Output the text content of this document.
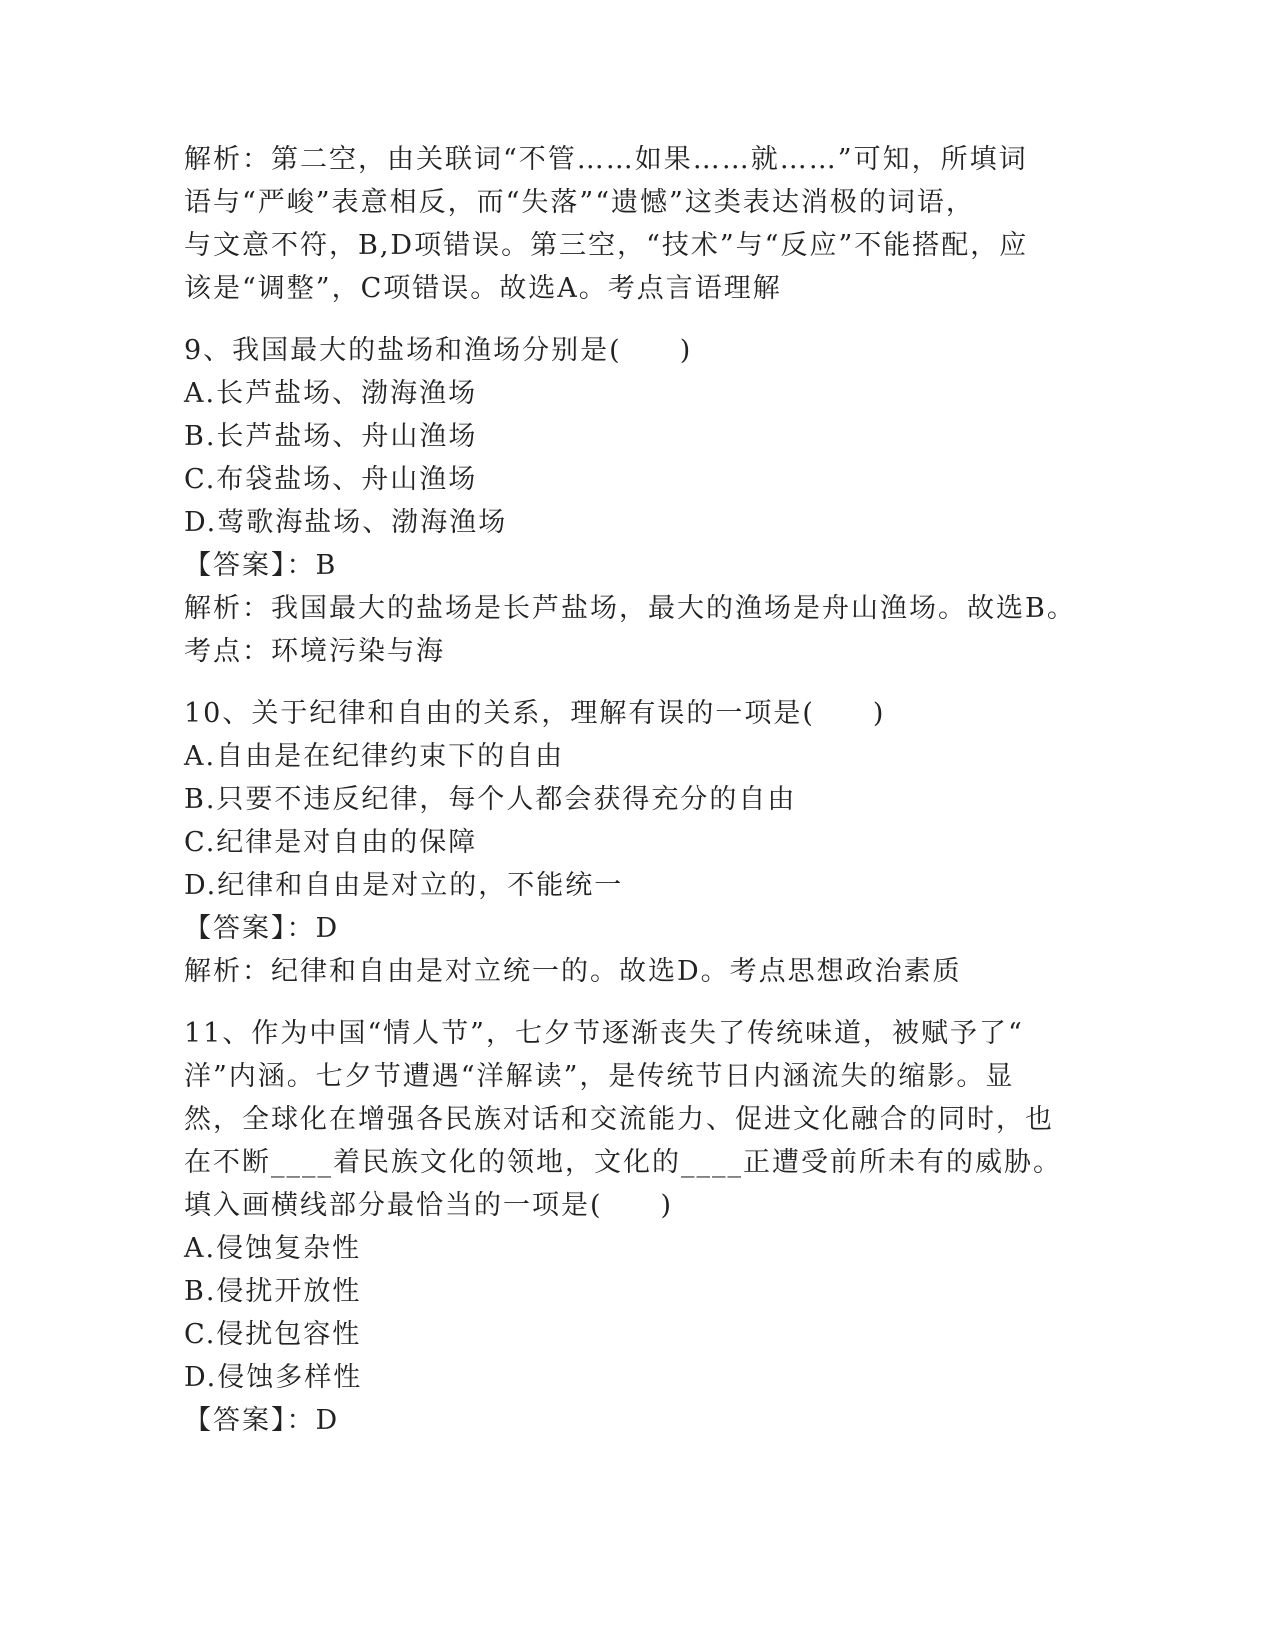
解析：第二空，由关联词“不管……如果……就……”可知，所填词
语与“严峻”表意相反，而“失落”“遗憾”这类表达消极的词语，
与文意不符，B,D项错误。第三空，“技术”与“反应”不能搭配，应
该是“调整”，C项错误。故选A。考点言语理解
9、我国最大的盐场和渔场分别是(　　)
A.长芦盐场、渤海渔场
B.长芦盐场、舟山渔场
C.布袋盐场、舟山渔场
D.莺歌海盐场、渤海渔场
【答案】：B
解析：我国最大的盐场是长芦盐场，最大的渔场是舟山渔场。故选B。
考点：环境污染与海
10、关于纪律和自由的关系，理解有误的一项是(　　)
A.自由是在纪律约束下的自由
B.只要不违反纪律，每个人都会获得充分的自由
C.纪律是对自由的保障
D.纪律和自由是对立的，不能统一
【答案】：D
解析：纪律和自由是对立统一的。故选D。考点思想政治素质
11、作为中国“情人节”，七夕节逐渐丧失了传统味道，被赋予了“
洋”内涵。七夕节遭遇“洋解读”，是传统节日内涵流失的缩影。显
然，全球化在增强各民族对话和交流能力、促进文化融合的同时，也
在不断____着民族文化的领地，文化的____正遭受前所未有的威胁。
填入画横线部分最恰当的一项是(　　)
A.侵蚀复杂性
B.侵扰开放性
C.侵扰包容性
D.侵蚀多样性
【答案】：D
